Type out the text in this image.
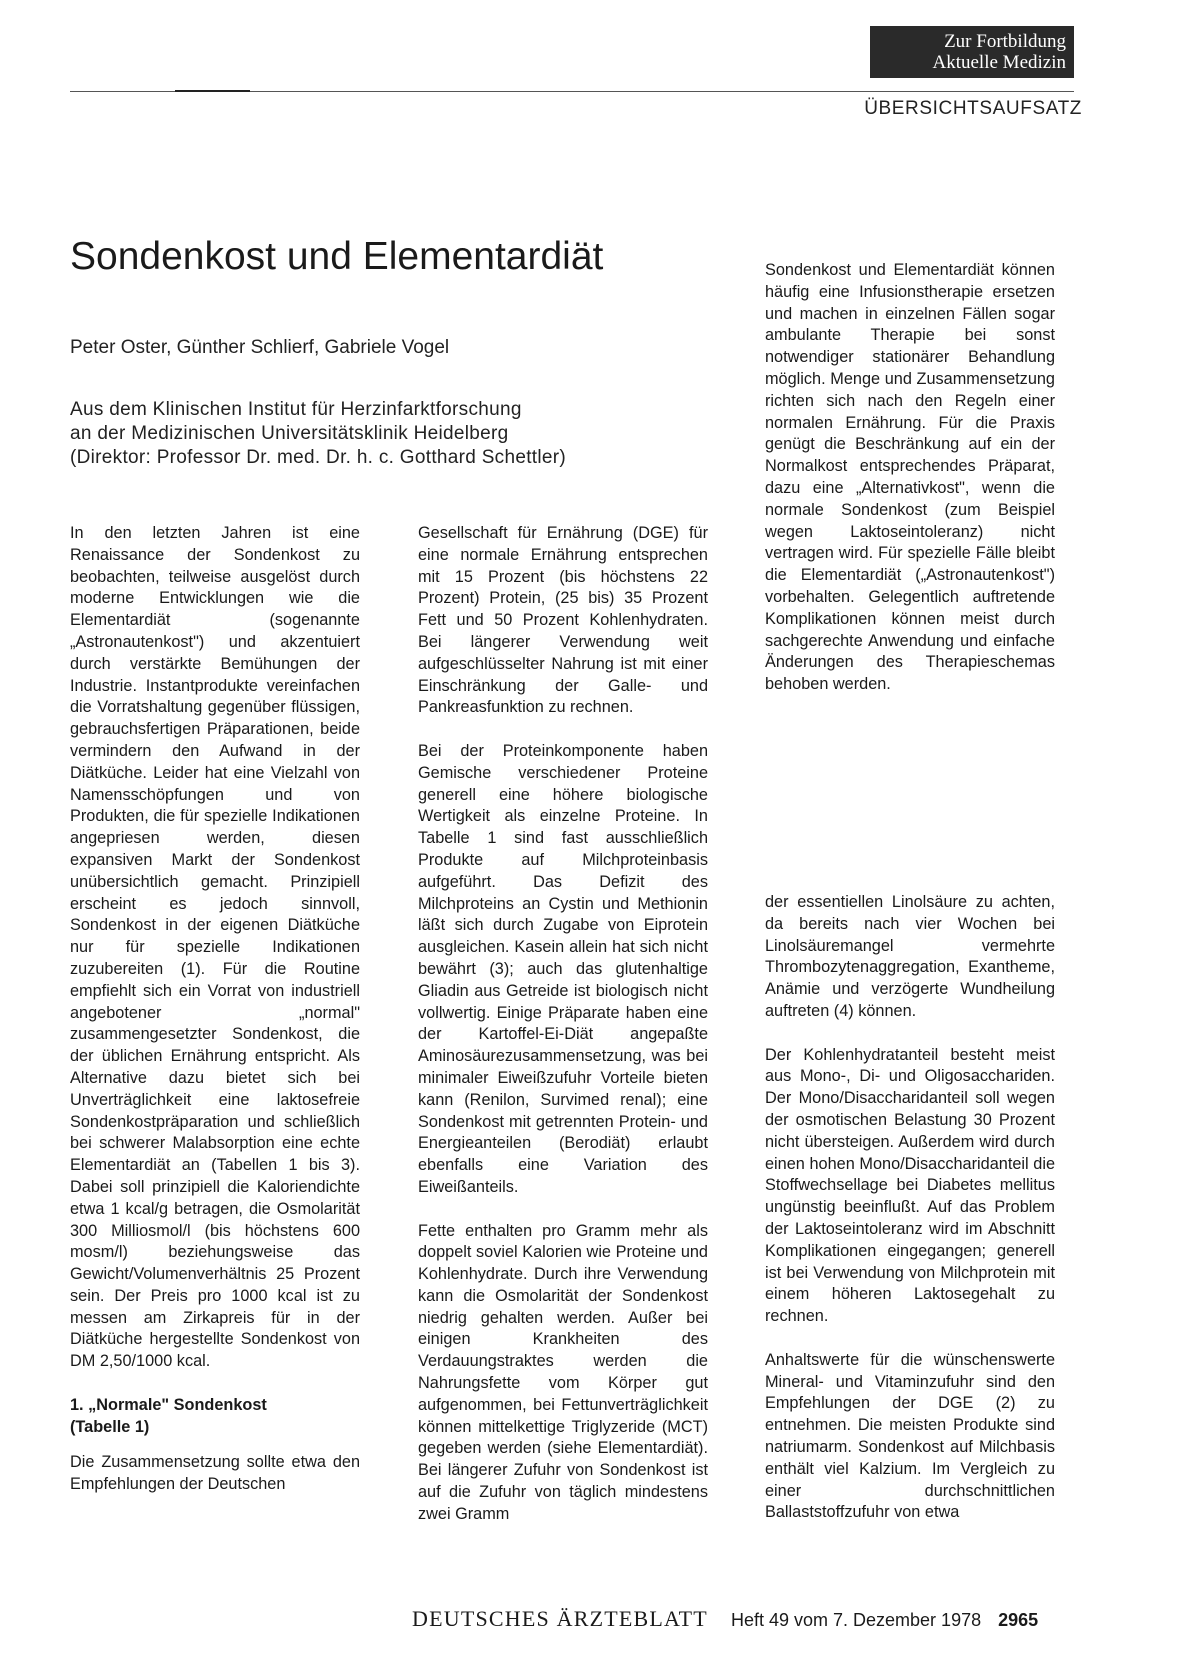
Zur Fortbildung
Aktuelle Medizin
ÜBERSICHTSAUFSATZ
Sondenkost und Elementardiät
Peter Oster, Günther Schlierf, Gabriele Vogel
Aus dem Klinischen Institut für Herzinfarktforschung
an der Medizinischen Universitätsklinik Heidelberg
(Direktor: Professor Dr. med. Dr. h. c. Gotthard Schettler)

In den letzten Jahren ist eine Renaissance der Sondenkost zu beobachten, teilweise ausgelöst durch moderne Entwicklungen wie die Elementardiät (sogenannte „Astronautenkost") und akzentuiert durch verstärkte Bemühungen der Industrie. Instantprodukte vereinfachen die Vorratshaltung gegenüber flüssigen, gebrauchsfertigen Präparationen, beide vermindern den Aufwand in der Diätküche. Leider hat eine Vielzahl von Namensschöpfungen und von Produkten, die für spezielle Indikationen angepriesen werden, diesen expansiven Markt der Sondenkost unübersichtlich gemacht. Prinzipiell erscheint es jedoch sinnvoll, Sondenkost in der eigenen Diätküche nur für spezielle Indikationen zuzubereiten (1). Für die Routine empfiehlt sich ein Vorrat von industriell angebotener „normal" zusammengesetzter Sondenkost, die der üblichen Ernährung entspricht. Als Alternative dazu bietet sich bei Unverträglichkeit eine laktosefreie Sondenkostpräparation und schließlich bei schwerer Malabsorption eine echte Elementardiät an (Tabellen 1 bis 3). Dabei soll prinzipiell die Kaloriendichte etwa 1 kcal/g betragen, die Osmolarität 300 Milliosmol/l (bis höchstens 600 mosm/l) beziehungsweise das Gewicht/Volumenverhältnis 25 Prozent sein. Der Preis pro 1000 kcal ist zu messen am Zirkapreis für in der Diätküche hergestellte Sondenkost von DM 2,50/1000 kcal.

1. „Normale" Sondenkost
(Tabelle 1)

Die Zusammensetzung sollte etwa den Empfehlungen der Deutschen

Gesellschaft für Ernährung (DGE) für eine normale Ernährung entsprechen mit 15 Prozent (bis höchstens 22 Prozent) Protein, (25 bis) 35 Prozent Fett und 50 Prozent Kohlenhydraten. Bei längerer Verwendung weit aufgeschlüsselter Nahrung ist mit einer Einschränkung der Galle- und Pankreasfunktion zu rechnen.

Bei der Proteinkomponente haben Gemische verschiedener Proteine generell eine höhere biologische Wertigkeit als einzelne Proteine. In Tabelle 1 sind fast ausschließlich Produkte auf Milchproteinbasis aufgeführt. Das Defizit des Milchproteins an Cystin und Methionin läßt sich durch Zugabe von Eiprotein ausgleichen. Kasein allein hat sich nicht bewährt (3); auch das glutenhaltige Gliadin aus Getreide ist biologisch nicht vollwertig. Einige Präparate haben eine der Kartoffel-Ei-Diät angepaßte Aminosäurezusammensetzung, was bei minimaler Eiweißzufuhr Vorteile bieten kann (Renilon, Survimed renal); eine Sondenkost mit getrennten Protein- und Energieanteilen (Berodiät) erlaubt ebenfalls eine Variation des Eiweißanteils.

Fette enthalten pro Gramm mehr als doppelt soviel Kalorien wie Proteine und Kohlenhydrate. Durch ihre Verwendung kann die Osmolarität der Sondenkost niedrig gehalten werden. Außer bei einigen Krankheiten des Verdauungstraktes werden die Nahrungsfette vom Körper gut aufgenommen, bei Fettunverträglichkeit können mittelkettige Triglyzeride (MCT) gegeben werden (siehe Elementardiät). Bei längerer Zufuhr von Sondenkost ist auf die Zufuhr von täglich mindestens zwei Gramm

Sondenkost und Elementardiät können häufig eine Infusionstherapie ersetzen und machen in einzelnen Fällen sogar ambulante Therapie bei sonst notwendiger stationärer Behandlung möglich. Menge und Zusammensetzung richten sich nach den Regeln einer normalen Ernährung. Für die Praxis genügt die Beschränkung auf ein der Normalkost entsprechendes Präparat, dazu eine „Alternativkost", wenn die normale Sondenkost (zum Beispiel wegen Laktoseintoleranz) nicht vertragen wird. Für spezielle Fälle bleibt die Elementardiät („Astronautenkost") vorbehalten. Gelegentlich auftretende Komplikationen können meist durch sachgerechte Anwendung und einfache Änderungen des Therapieschemas behoben werden.

der essentiellen Linolsäure zu achten, da bereits nach vier Wochen bei Linolsäuremangel vermehrte Thrombozytenaggregation, Exantheme, Anämie und verzögerte Wundheilung auftreten (4) können.

Der Kohlenhydratanteil besteht meist aus Mono-, Di- und Oligosacchariden. Der Mono/Disaccharidanteil soll wegen der osmotischen Belastung 30 Prozent nicht übersteigen. Außerdem wird durch einen hohen Mono/Disaccharidanteil die Stoffwechsellage bei Diabetes mellitus ungünstig beeinflußt. Auf das Problem der Laktoseintoleranz wird im Abschnitt Komplikationen eingegangen; generell ist bei Verwendung von Milchprotein mit einem höheren Laktosegehalt zu rechnen.

Anhaltswerte für die wünschenswerte Mineral- und Vitaminzufuhr sind den Empfehlungen der DGE (2) zu entnehmen. Die meisten Produkte sind natriumarm. Sondenkost auf Milchbasis enthält viel Kalzium. Im Vergleich zu einer durchschnittlichen Ballaststoffzufuhr von etwa

DEUTSCHES ÄRZTEBLATT Heft 49 vom 7. Dezember 1978 2965
